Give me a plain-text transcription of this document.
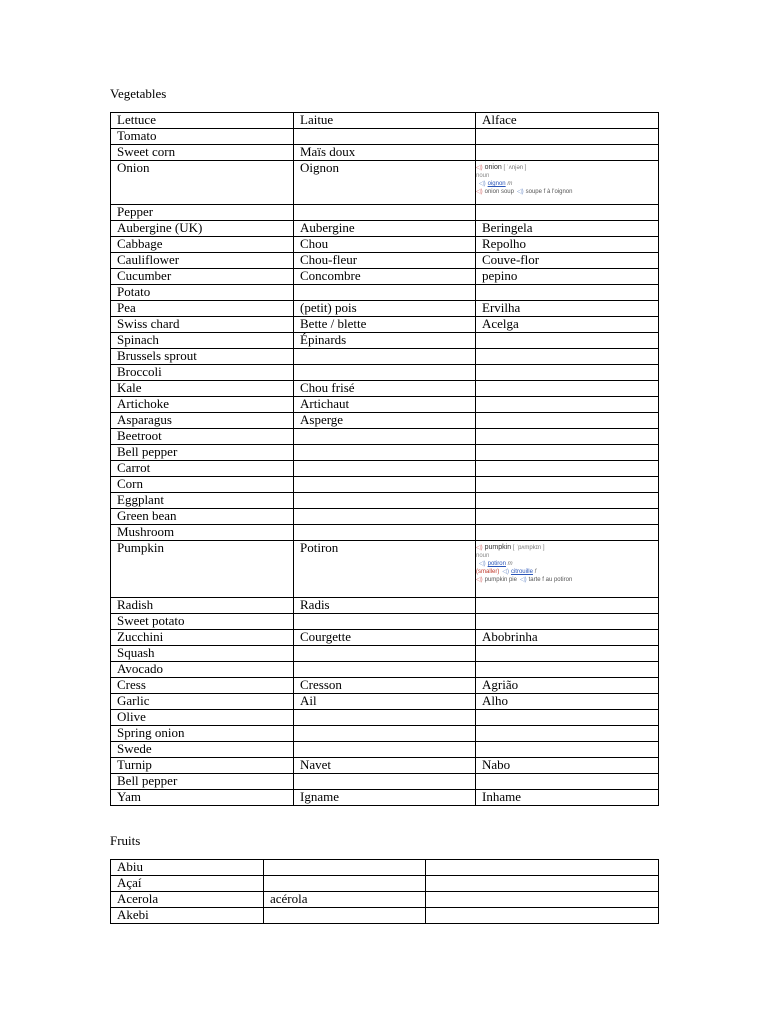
Vegetables
Lettuce	Laitue	Alface
Tomato		
Sweet corn	Maïs doux	
Onion	Oignon	◁) onion [ ˈʌnjən ]
noun
◁) oignon m
◁) onion soup ◁) soupe f à l'oignon

Pepper		
Aubergine (UK)	Aubergine	Beringela
Cabbage	Chou	Repolho
Cauliflower	Chou-fleur	Couve-flor
Cucumber	Concombre	pepino
Potato		
Pea	(petit) pois	Ervilha
Swiss chard	Bette / blette	Acelga
Spinach	Épinards	
Brussels sprout		
Broccoli		
Kale	Chou frisé	
Artichoke	Artichaut	
Asparagus	Asperge	
Beetroot		
Bell pepper		
Carrot		
Corn		
Eggplant		
Green bean		
Mushroom		
Pumpkin	Potiron	◁) pumpkin [ ˈpʌmpkɪn ]
noun
◁) potiron m
(smaller) ◁) citrouille f
◁) pumpkin pie ◁) tarte f au potiron

Radish	Radis	
Sweet potato		
Zucchini	Courgette	Abobrinha
Squash		
Avocado		
Cress	Cresson	Agrião
Garlic	Ail	Alho
Olive		
Spring onion		
Swede		
Turnip	Navet	Nabo
Bell pepper		
Yam	Igname	Inhame
Fruits
Abiu		
Açaí		
Acerola	acérola	
Akebi		
